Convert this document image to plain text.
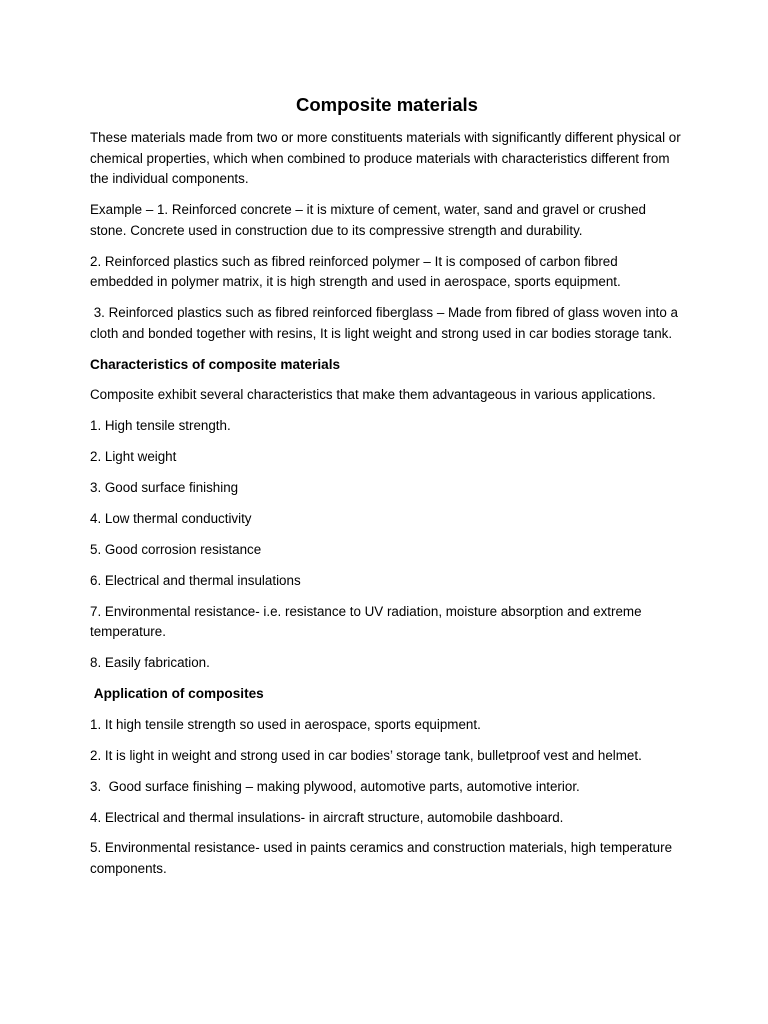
Composite materials

These materials made from two or more constituents materials with significantly different physical or chemical properties, which when combined to produce materials with characteristics different from the individual components.

Example – 1. Reinforced concrete – it is mixture of cement, water, sand and gravel or crushed stone. Concrete used in construction due to its compressive strength and durability.

2. Reinforced plastics such as fibred reinforced polymer – It is composed of carbon fibred embedded in polymer matrix, it is high strength and used in aerospace, sports equipment.

3. Reinforced plastics such as fibred reinforced fiberglass – Made from fibred of glass woven into a cloth and bonded together with resins, It is light weight and strong used in car bodies storage tank.

Characteristics of composite materials

Composite exhibit several characteristics that make them advantageous in various applications.

1. High tensile strength.

2. Light weight

3. Good surface finishing

4. Low thermal conductivity

5. Good corrosion resistance

6. Electrical and thermal insulations

7. Environmental resistance- i.e. resistance to UV radiation, moisture absorption and extreme temperature.

8. Easily fabrication.

Application of composites

1. It high tensile strength so used in aerospace, sports equipment.

2. It is light in weight and strong used in car bodies’ storage tank, bulletproof vest and helmet.

3.  Good surface finishing – making plywood, automotive parts, automotive interior.

4. Electrical and thermal insulations- in aircraft structure, automobile dashboard.

5. Environmental resistance- used in paints ceramics and construction materials, high temperature components.
